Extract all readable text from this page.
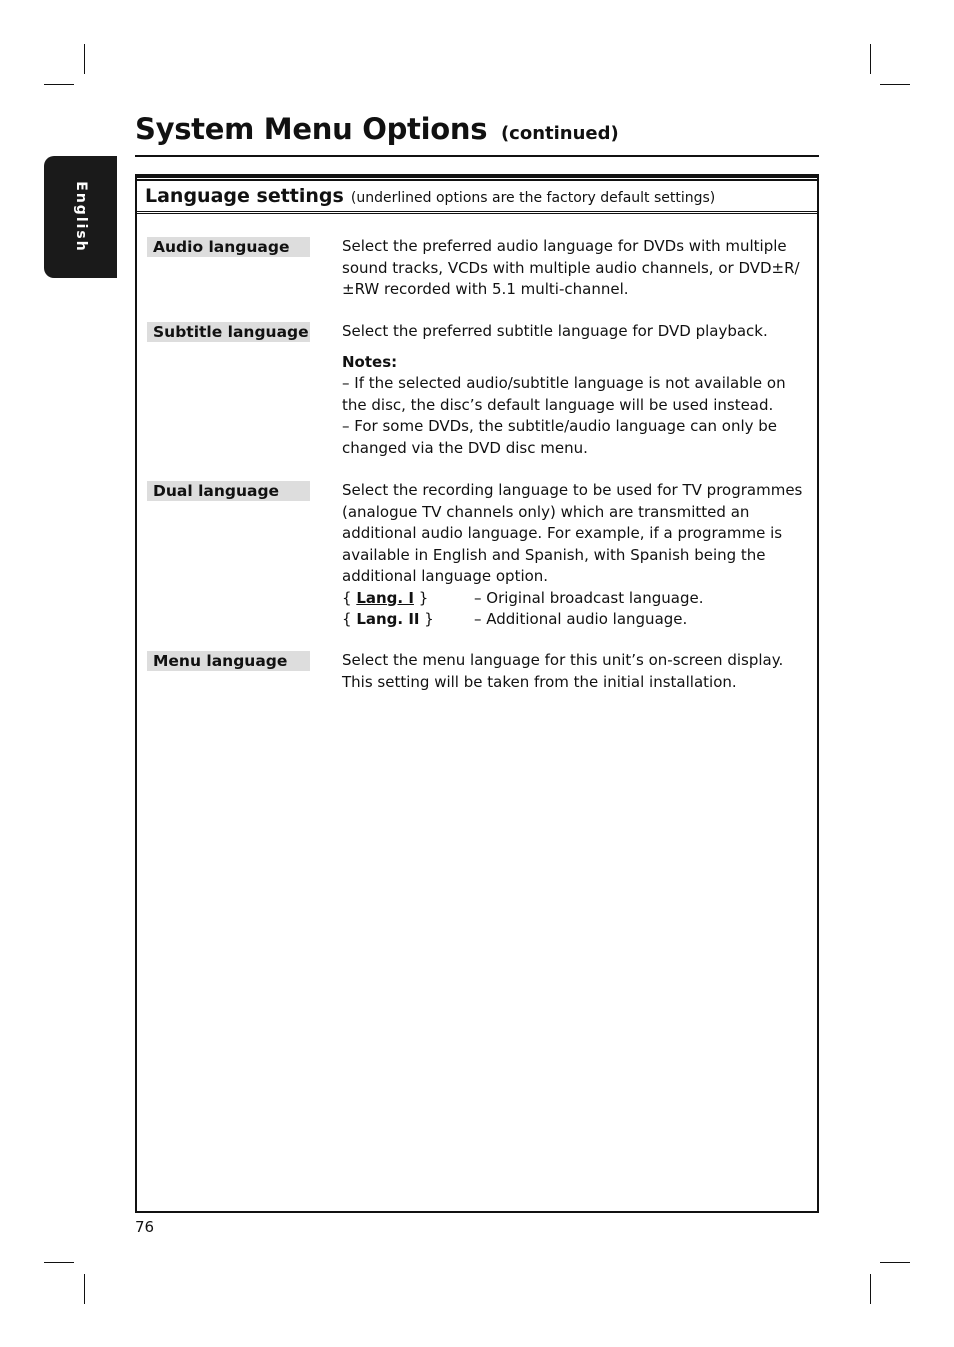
English
System Menu Options (continued)
Language settings (underlined options are the factory default settings)
Audio language	Select the preferred audio language for DVDs with multiple sound tracks, VCDs with multiple audio channels, or DVD±R/ ±RW recorded with 5.1 multi-channel.

Subtitle language Select the preferred subtitle language for DVD playback.

Notes:

– If the selected audio/subtitle language is not available on the disc, the disc’s default language will be used instead.

– For some DVDs, the subtitle/audio language can only be changed via the DVD disc menu.

Dual language	Select the recording language to be used for TV programmes (analogue TV channels only) which are transmitted an additional audio language. For example, if a programme is available in English and Spanish, with Spanish being the additional language option.

{ Lang. I }	– Original broadcast language.
{ Lang. II }	– Additional audio language.
Menu language	Select the menu language for this unit’s on-screen display. This setting will be taken from the initial installation.

76
